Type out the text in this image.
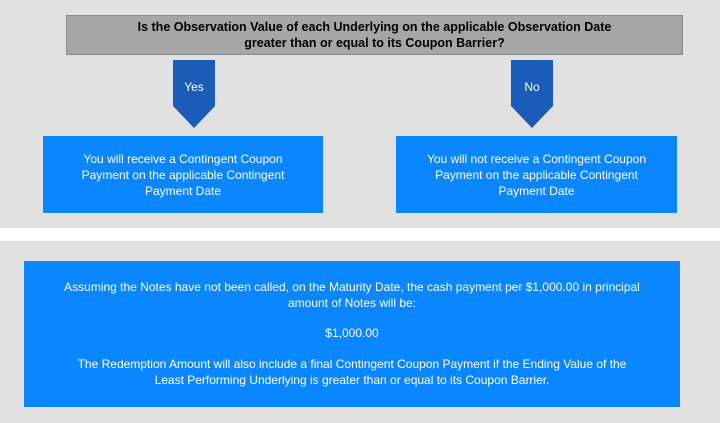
Is the Observation Value of each Underlying on the applicable Observation Date
greater than or equal to its Coupon Barrier?
Yes	No
You will receive a Contingent Coupon
Payment on the applicable Contingent
Payment Date
You will not receive a Contingent Coupon
Payment on the applicable Contingent
Payment Date

Assuming the Notes have not been called, on the Maturity Date, the cash payment per $1,000.00 in principal

amount of Notes will be:

$1,000.00

The Redemption Amount will also include a final Contingent Coupon Payment if the Ending Value of the

Least Performing Underlying is greater than or equal to its Coupon Barrier.
